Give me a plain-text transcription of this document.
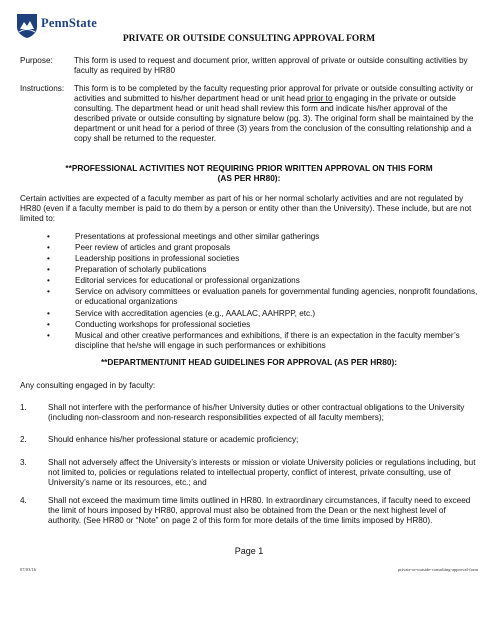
PennState
PRIVATE OR OUTSIDE CONSULTING APPROVAL FORM
Purpose:	This form is used to request and document prior, written approval of private or outside consulting activities by faculty as required by HR80
Instructions: This form is to be completed by the faculty requesting prior approval for private or outside consulting activity or activities and submitted to his/her department head or unit head prior to engaging in the private or outside consulting. The department head or unit head shall review this form and indicate his/her approval of the described private or outside consulting by signature below (pg. 3). The original form shall be maintained by the department or unit head for a period of three (3) years from the conclusion of the consulting relationship and a copy shall be returned to the requester.
**PROFESSIONAL ACTIVITIES NOT REQUIRING PRIOR WRITTEN APPROVAL ON THIS FORM
(AS PER HR80):
Certain activities are expected of a faculty member as part of his or her normal scholarly activities and are not regulated by HR80 (even if a faculty member is paid to do them by a person or entity other than the University). These include, but are not limited to:
•	Presentations at professional meetings and other similar gatherings
•	Peer review of articles and grant proposals
•	Leadership positions in professional societies
•	Preparation of scholarly publications
•	Editorial services for educational or professional organizations
•	Service on advisory committees or evaluation panels for governmental funding agencies, nonprofit foundations, or educational organizations
•	Service with accreditation agencies (e.g., AAALAC, AAHRPP, etc.)
•	Conducting workshops for professional societies
•	Musical and other creative performances and exhibitions, if there is an expectation in the faculty member’s discipline that he/she will engage in such performances or exhibitions
**DEPARTMENT/UNIT HEAD GUIDELINES FOR APPROVAL (AS PER HR80):
Any consulting engaged in by faculty:
1.	Shall not interfere with the performance of his/her University duties or other contractual obligations to the University (including non-classroom and non-research responsibilities expected of all faculty members);
2.	Should enhance his/her professional stature or academic proficiency;
3.	Shall not adversely affect the University’s interests or mission or violate University policies or regulations including, but not limited to, policies or regulations related to intellectual property, conflict of interest, private consulting, use of University’s name or its resources, etc.; and
4.	Shall not exceed the maximum time limits outlined in HR80. In extraordinary circumstances, if faculty need to exceed the limit of hours imposed by HR80, approval must also be obtained from the Dean or the next highest level of authority. (See HR80 or “Note” on page 2 of this form for more details of the time limits imposed by HR80).
Page 1
07/03/16	private-or-outside-consulting-approval-form
